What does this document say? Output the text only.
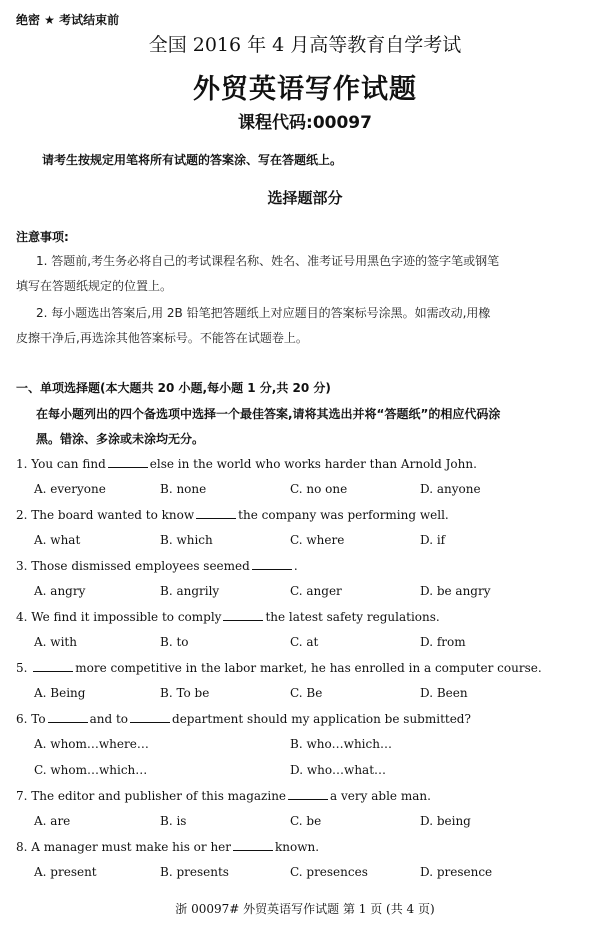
绝密 ★ 考试结束前
全国 2016 年 4 月高等教育自学考试
外贸英语写作试题
课程代码:00097
请考生按规定用笔将所有试题的答案涂、写在答题纸上。
选择题部分
注意事项:
1. 答题前,考生务必将自己的考试课程名称、姓名、准考证号用黑色字迹的签字笔或钢笔
填写在答题纸规定的位置上。
2. 每小题选出答案后,用 2B 铅笔把答题纸上对应题目的答案标号涂黑。如需改动,用橡
皮擦干净后,再选涂其他答案标号。不能答在试题卷上。
一、单项选择题(本大题共 20 小题,每小题 1 分,共 20 分)
在每小题列出的四个备选项中选择一个最佳答案,请将其选出并将“答题纸”的相应代码涂
黑。错涂、多涂或未涂均无分。
1. You can find	else in the world who works harder than Arnold John.
A. everyone	B. none	C. no one	D. anyone
2. The board wanted to know	the company was performing well.
A. what	B. which	C. where	D. if
3. Those dismissed employees seemed	.
A. angry	B. angrily	C. anger	D. be angry
4. We find it impossible to comply	the latest safety regulations.
A. with	B. to	C. at	D. from
5.	more competitive in the labor market, he has enrolled in a computer course.
A. Being	B. To be	C. Be	D. Been
6. To	and to	department should my application be submitted?
A. whom…where…	B. who…which…
C. whom…which…	D. who…what…
7. The editor and publisher of this magazine	a very able man.
A. are	B. is	C. be	D. being
8. A manager must make his or her	known.
A. present	B. presents	C. presences	D. presence
浙 00097# 外贸英语写作试题 第 1 页 (共 4 页)
